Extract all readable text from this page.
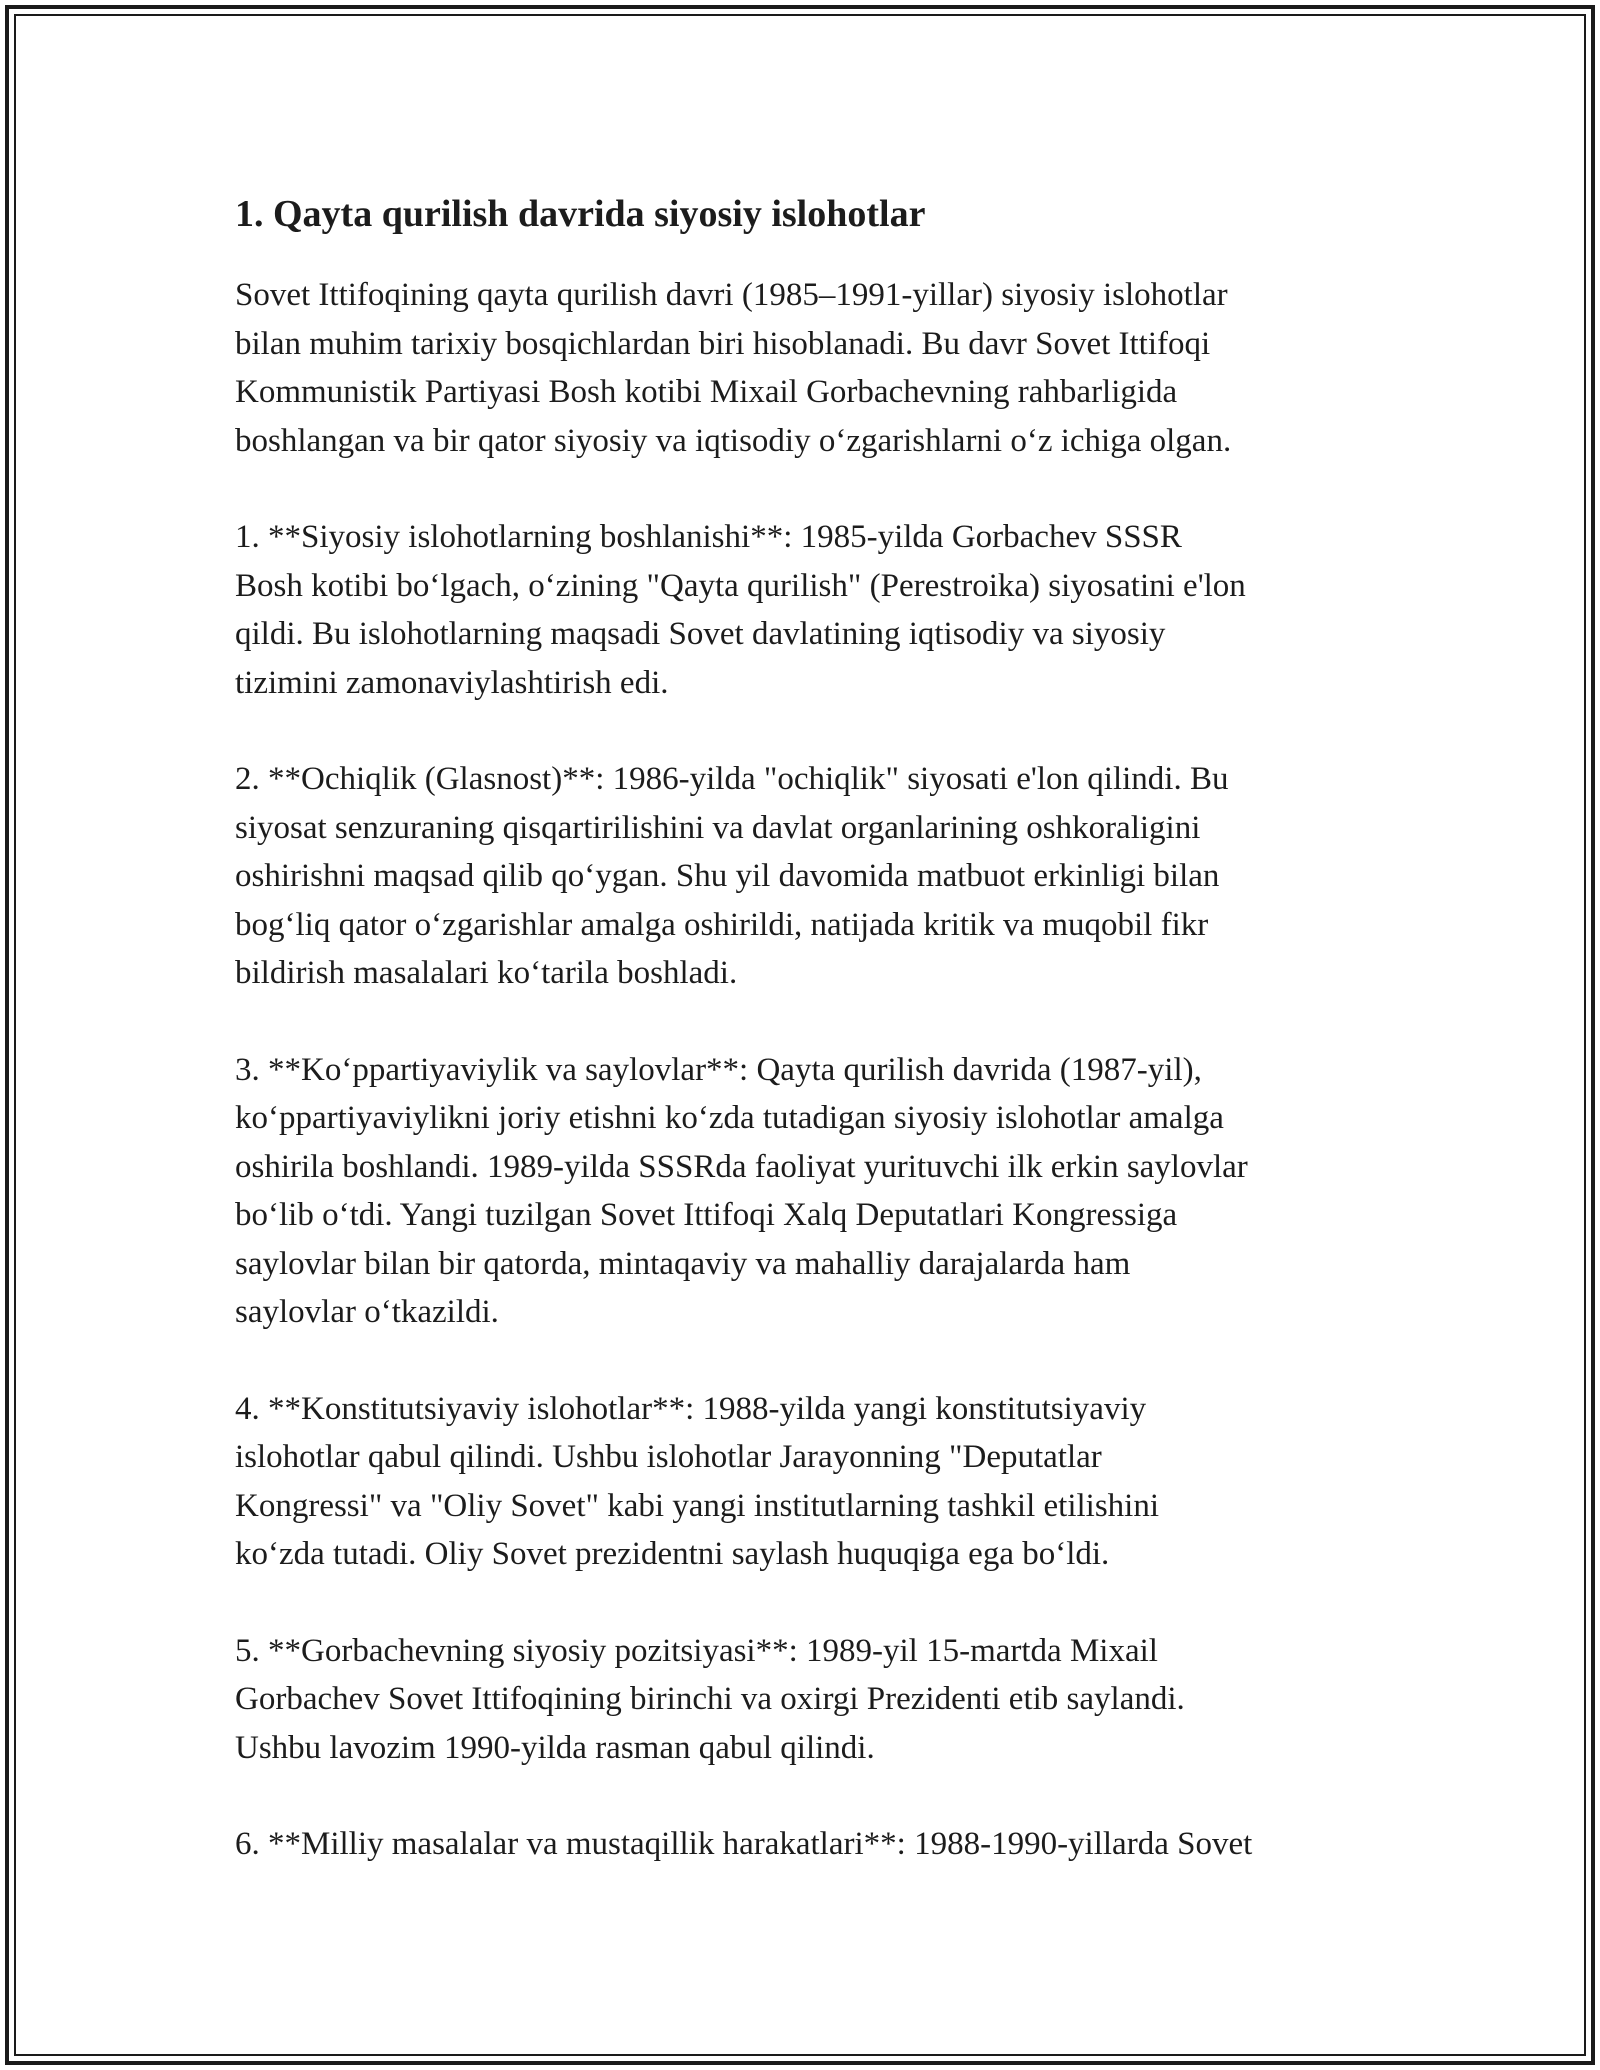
1. Qayta qurilish davrida siyosiy islohotlar

Sovet Ittifoqining qayta qurilish davri (1985–1991-yillar) siyosiy islohotlar
bilan muhim tarixiy bosqichlardan biri hisoblanadi. Bu davr Sovet Ittifoqi
Kommunistik Partiyasi Bosh kotibi Mixail Gorbachevning rahbarligida
boshlangan va bir qator siyosiy va iqtisodiy oʻzgarishlarni oʻz ichiga olgan.

1. **Siyosiy islohotlarning boshlanishi**: 1985-yilda Gorbachev SSSR
Bosh kotibi boʻlgach, oʻzining "Qayta qurilish" (Perestroika) siyosatini e'lon
qildi. Bu islohotlarning maqsadi Sovet davlatining iqtisodiy va siyosiy
tizimini zamonaviylashtirish edi.

2. **Ochiqlik (Glasnost)**: 1986-yilda "ochiqlik" siyosati e'lon qilindi. Bu
siyosat senzuraning qisqartirilishini va davlat organlarining oshkoraligini
oshirishni maqsad qilib qoʻygan. Shu yil davomida matbuot erkinligi bilan
bogʻliq qator oʻzgarishlar amalga oshirildi, natijada kritik va muqobil fikr
bildirish masalalari koʻtarila boshladi.

3. **Koʻppartiyaviylik va saylovlar**: Qayta qurilish davrida (1987-yil),
koʻppartiyaviylikni joriy etishni koʻzda tutadigan siyosiy islohotlar amalga
oshirila boshlandi. 1989-yilda SSSRda faoliyat yurituvchi ilk erkin saylovlar
boʻlib oʻtdi. Yangi tuzilgan Sovet Ittifoqi Xalq Deputatlari Kongressiga
saylovlar bilan bir qatorda, mintaqaviy va mahalliy darajalarda ham
saylovlar oʻtkazildi.

4. **Konstitutsiyaviy islohotlar**: 1988-yilda yangi konstitutsiyaviy
islohotlar qabul qilindi. Ushbu islohotlar Jarayonning "Deputatlar
Kongressi" va "Oliy Sovet" kabi yangi institutlarning tashkil etilishini
koʻzda tutadi. Oliy Sovet prezidentni saylash huquqiga ega boʻldi.

5. **Gorbachevning siyosiy pozitsiyasi**: 1989-yil 15-martda Mixail
Gorbachev Sovet Ittifoqining birinchi va oxirgi Prezidenti etib saylandi.
Ushbu lavozim 1990-yilda rasman qabul qilindi.

6. **Milliy masalalar va mustaqillik harakatlari**: 1988-1990-yillarda Sovet
